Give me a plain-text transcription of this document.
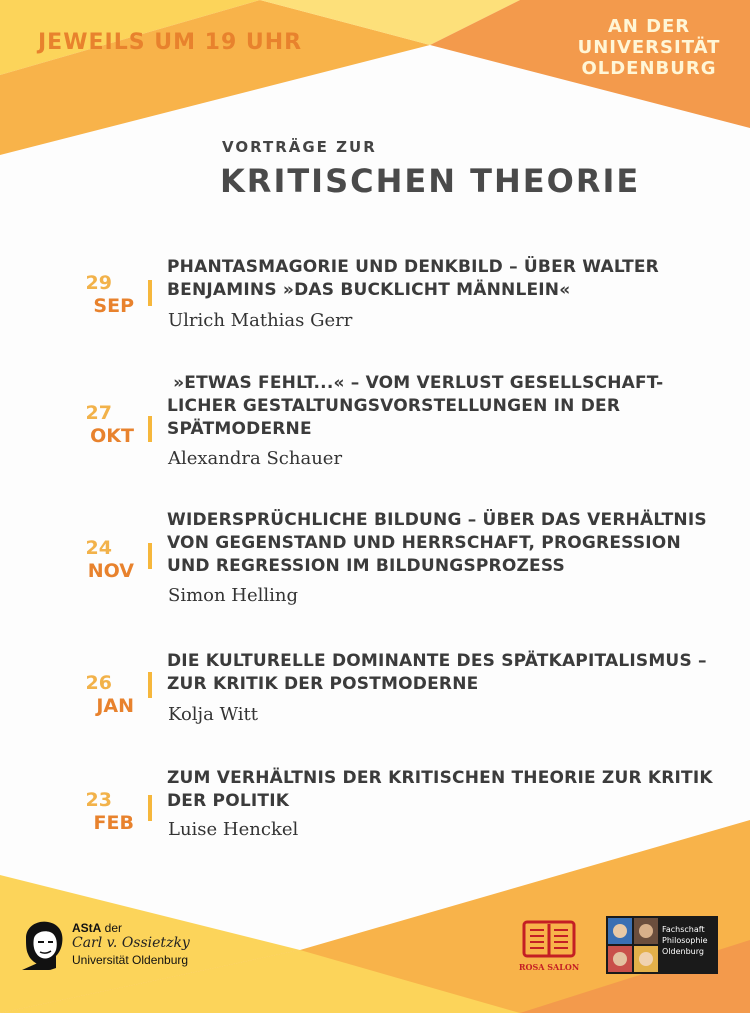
JEWEILS UM 19 UHR
AN DER
UNIVERSITÄT
OLDENBURG
VORTRÄGE ZUR
KRITISCHEN THEORIE
29
SEP
PHANTASMAGORIE UND DENKBILD – ÜBER WALTER
BENJAMINS »DAS BUCKLICHT MÄNNLEIN«
Ulrich Mathias Gerr
27
OKT
»ETWAS FEHLT...« – VOM VERLUST GESELLSCHAFT-
LICHER GESTALTUNGSVORSTELLUNGEN IN DER
SPÄTMODERNE
Alexandra Schauer
24
NOV
WIDERSPRÜCHLICHE BILDUNG – ÜBER DAS VERHÄLTNIS
VON GEGENSTAND UND HERRSCHAFT, PROGRESSION
UND REGRESSION IM BILDUNGSPROZESS
Simon Helling
26
JAN
DIE KULTURELLE DOMINANTE DES SPÄTKAPITALISMUS –
ZUR KRITIK DER POSTMODERNE
Kolja Witt
23
FEB
ZUM VERHÄLTNIS DER KRITISCHEN THEORIE ZUR KRITIK
DER POLITIK
Luise Henckel
AStA der
Carl v. Ossietzky
Universität Oldenburg	ROSA SALON
Fachschaft
Philosophie
Oldenburg
